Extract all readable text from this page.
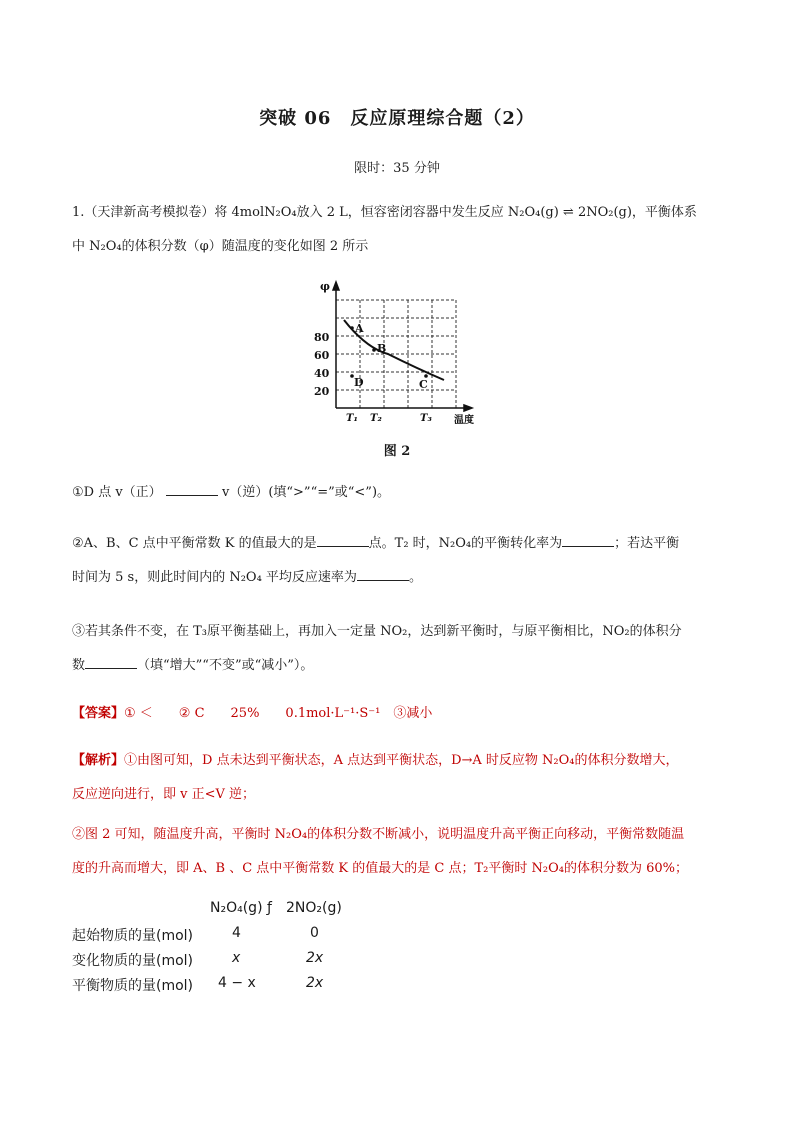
突破 06　反应原理综合题（2）
限时：35 分钟
1.（天津新高考模拟卷）将 4molN₂O₄放入 2 L，恒容密闭容器中发生反应 N₂O₄(g) ⇌ 2NO₂(g)，平衡体系
中 N₂O₄的体积分数（φ）随温度的变化如图 2 所示
A
B
C
D
80
60
40
20
φ
T₁ T₂	T₃ 温度
图 2
①D 点 v（正）	v（逆）(填“>”“=”或“<”)。
②A、B、C 点中平衡常数 K 的值最大的是	点。T₂ 时，N₂O₄的平衡转化率为	；若达平衡
时间为 5 s，则此时间内的 N₂O₄ 平均反应速率为	。
③若其条件不变，在 T₃原平衡基础上，再加入一定量 NO₂，达到新平衡时，与原平衡相比，NO₂的体积分
数	（填“增大”“不变”或“减小”）。
【答案】① ＜　　② C　　25%　　0.1mol·L⁻¹·S⁻¹　③减小
【解析】①由图可知，D 点未达到平衡状态，A 点达到平衡状态，D→A 时反应物 N₂O₄的体积分数增大，
反应逆向进行，即 v 正<V 逆；
②图 2 可知，随温度升高，平衡时 N₂O₄的体积分数不断减小，说明温度升高平衡正向移动，平衡常数随温
度的升高而增大，即 A、B 、C 点中平衡常数 K 的值最大的是 C 点；T₂平衡时 N₂O₄的体积分数为 60%；
N₂O₄(g) ƒ 2NO₂(g)
起始物质的量(mol)	4	0
变化物质的量(mol)	x	2x
平衡物质的量(mol) 4 − x	2x
